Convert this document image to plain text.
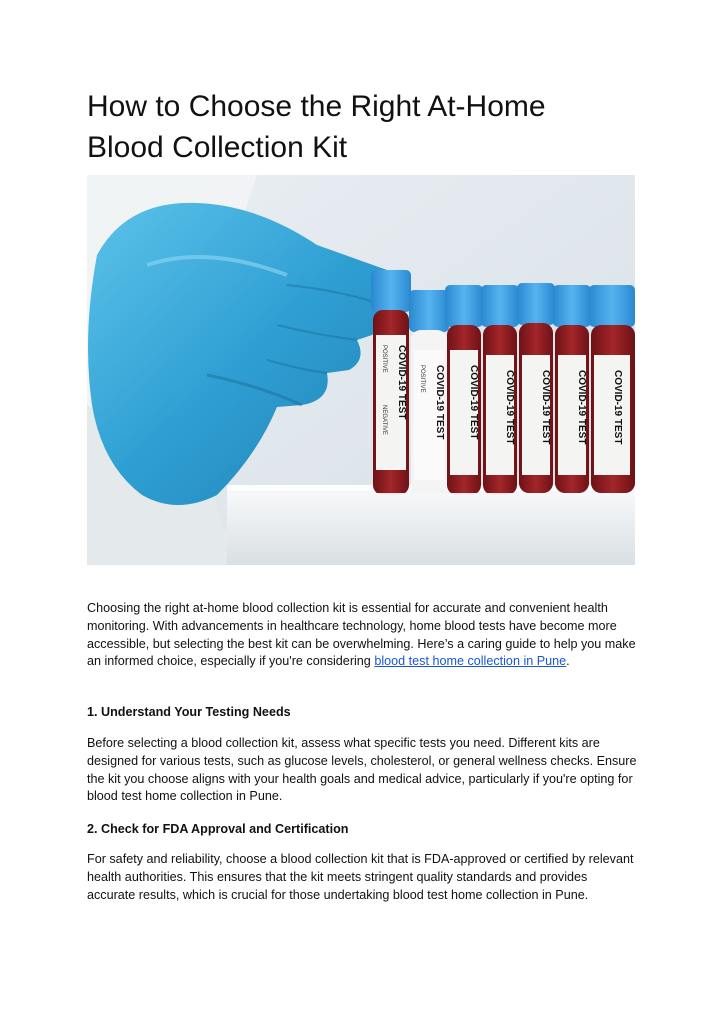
How to Choose the Right At-Home
Blood Collection Kit
COVID-19 TEST
POSITIVE
NEGATIVE	COVID-19 TEST
POSITIVE	COVID-19 TEST	COVID-19 TEST	COVID-19 TEST	COVID-19 TEST	COVID-19 TEST

Choosing the right at-home blood collection kit is essential for accurate and convenient health monitoring. With advancements in healthcare technology, home blood tests have become more accessible, but selecting the best kit can be overwhelming. Here’s a caring guide to help you make an informed choice, especially if you're considering blood test home collection in Pune.

1. Understand Your Testing Needs

Before selecting a blood collection kit, assess what specific tests you need. Different kits are designed for various tests, such as glucose levels, cholesterol, or general wellness checks. Ensure the kit you choose aligns with your health goals and medical advice, particularly if you're opting for blood test home collection in Pune.

2. Check for FDA Approval and Certification

For safety and reliability, choose a blood collection kit that is FDA-approved or certified by relevant health authorities. This ensures that the kit meets stringent quality standards and provides accurate results, which is crucial for those undertaking blood test home collection in Pune.
